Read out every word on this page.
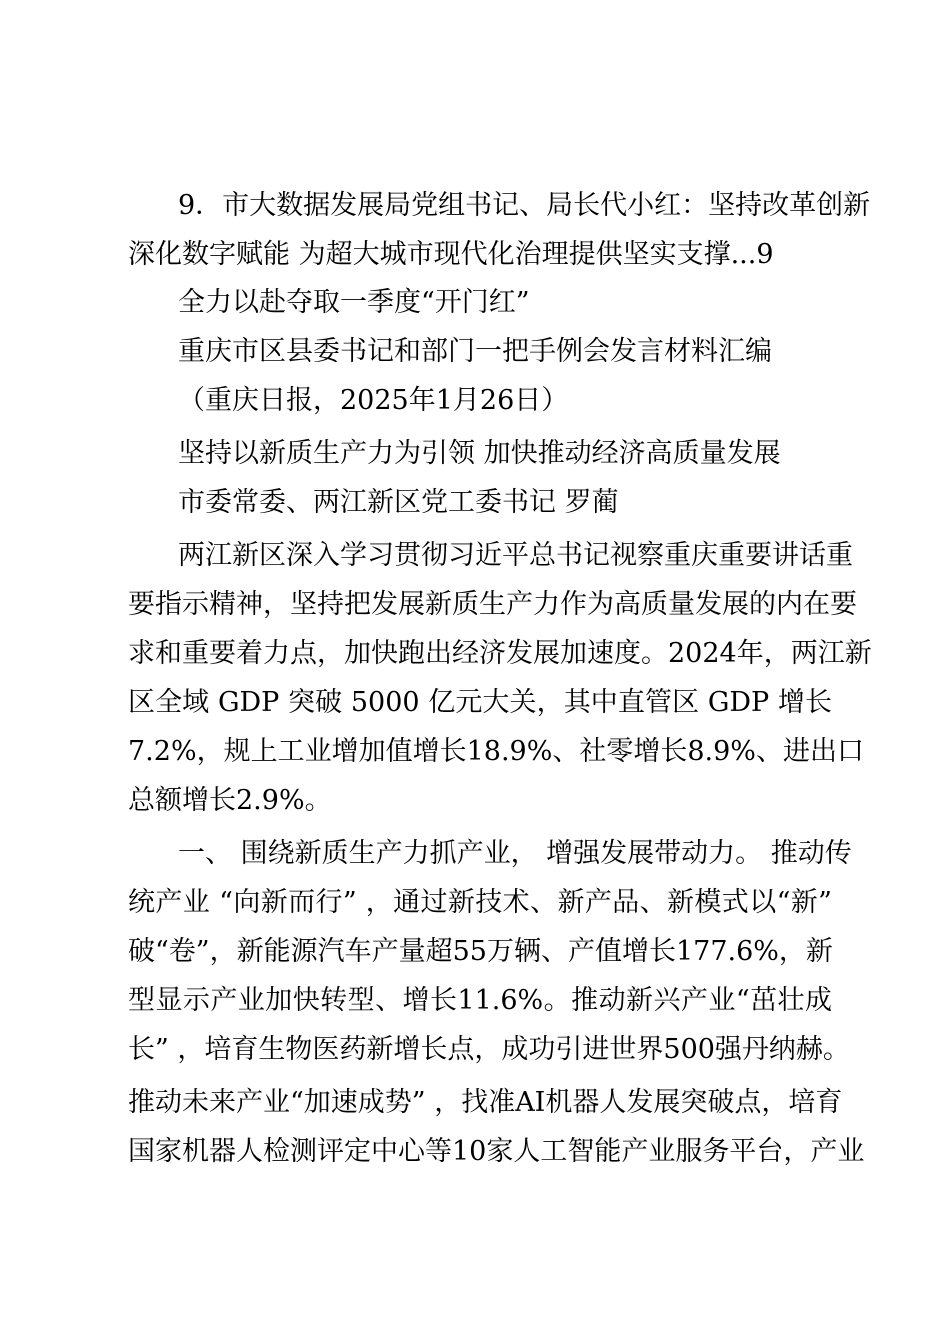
9．市大数据发展局党组书记、局长代小红：坚持改革创新
深化数字赋能 为超大城市现代化治理提供坚实支撑...9
全力以赴夺取一季度“开门红”
重庆市区县委书记和部门一把手例会发言材料汇编
（重庆日报，2025年1月26日）
坚持以新质生产力为引领 加快推动经济高质量发展
市委常委、两江新区党工委书记 罗蔺
两江新区深入学习贯彻习近平总书记视察重庆重要讲话重
要指示精神，坚持把发展新质生产力作为高质量发展的内在要
求和重要着力点，加快跑出经济发展加速度。2024年，两江新
区全域 GDP 突破 5000 亿元大关，其中直管区 GDP 增长
7.2%，规上工业增加值增长18.9%、社零增长8.9%、进出口
总额增长2.9%。
一、 围绕新质生产力抓产业， 增强发展带动力。 推动传
统产业 “向新而行” ，通过新技术、新产品、新模式以“新”
破“卷”，新能源汽车产量超55万辆、产值增长177.6%，新
型显示产业加快转型、增长11.6%。推动新兴产业“茁壮成
长” ，培育生物医药新增长点，成功引进世界500强丹纳赫。
推动未来产业“加速成势” ，找准AI机器人发展突破点，培育
国家机器人检测评定中心等10家人工智能产业服务平台，产业
